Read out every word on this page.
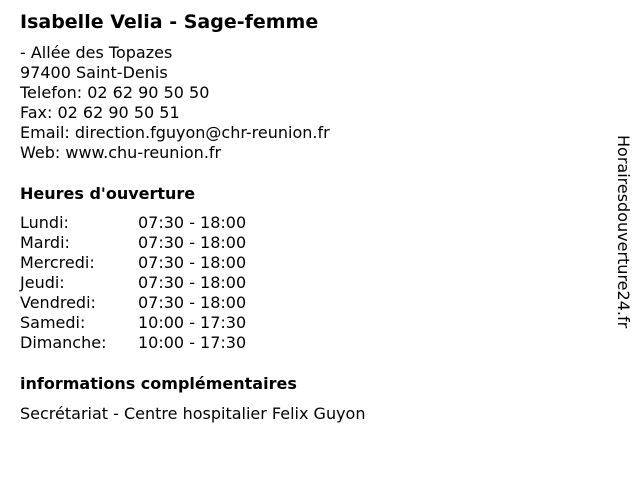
Isabelle Velia - Sage-femme
- Allée des Topazes
97400 Saint-Denis
Telefon: 02 62 90 50 50
Fax: 02 62 90 50 51
Email: direction.fguyon@chr-reunion.fr
Web: www.chu-reunion.fr
Heures d'ouverture
Lundi:	07:30 - 18:00
Mardi:	07:30 - 18:00
Mercredi:	07:30 - 18:00
Jeudi:	07:30 - 18:00
Vendredi:	07:30 - 18:00
Samedi:	10:00 - 17:30
Dimanche: 10:00 - 17:30
informations complémentaires
Secrétariat - Centre hospitalier Felix Guyon
Horairesdouverture24.fr
